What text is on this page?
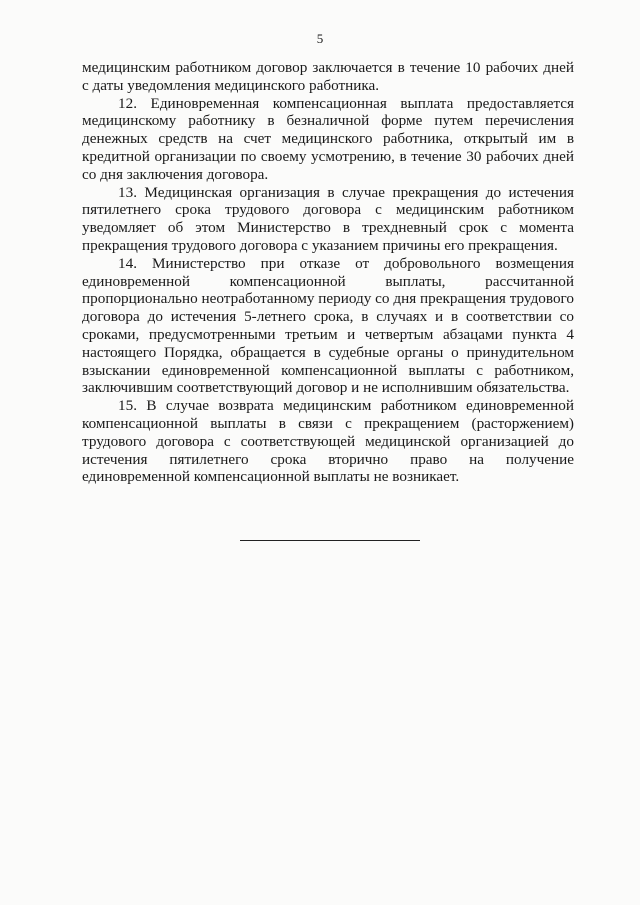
5

медицинским работником договор заключается в течение 10 рабочих дней с даты уведомления медицинского работника.

12. Единовременная компенсационная выплата предоставляется медицинскому работнику в безналичной форме путем перечисления денежных средств на счет медицинского работника, открытый им в кредитной организации по своему усмотрению, в течение 30 рабочих дней со дня заключения договора.

13. Медицинская организация в случае прекращения до истечения пятилетнего срока трудового договора с медицинским работником уведомляет об этом Министерство в трехдневный срок с момента прекращения трудового договора с указанием причины его прекращения.

14. Министерство при отказе от добровольного возмещения единовременной компенсационной выплаты, рассчитанной пропорционально неотработанному периоду со дня прекращения трудового договора до истечения 5-летнего срока, в случаях и в соответствии со сроками, предусмотренными третьим и четвертым абзацами пункта 4 настоящего Порядка, обращается в судебные органы о принудительном взыскании единовременной компенсационной выплаты с работником, заключившим соответствующий договор и не исполнившим обязательства.

15. В случае возврата медицинским работником единовременной компенсационной выплаты в связи с прекращением (расторжением) трудового договора с соответствующей медицинской организацией до истечения пятилетнего срока вторично право на получение единовременной компенсационной выплаты не возникает.
